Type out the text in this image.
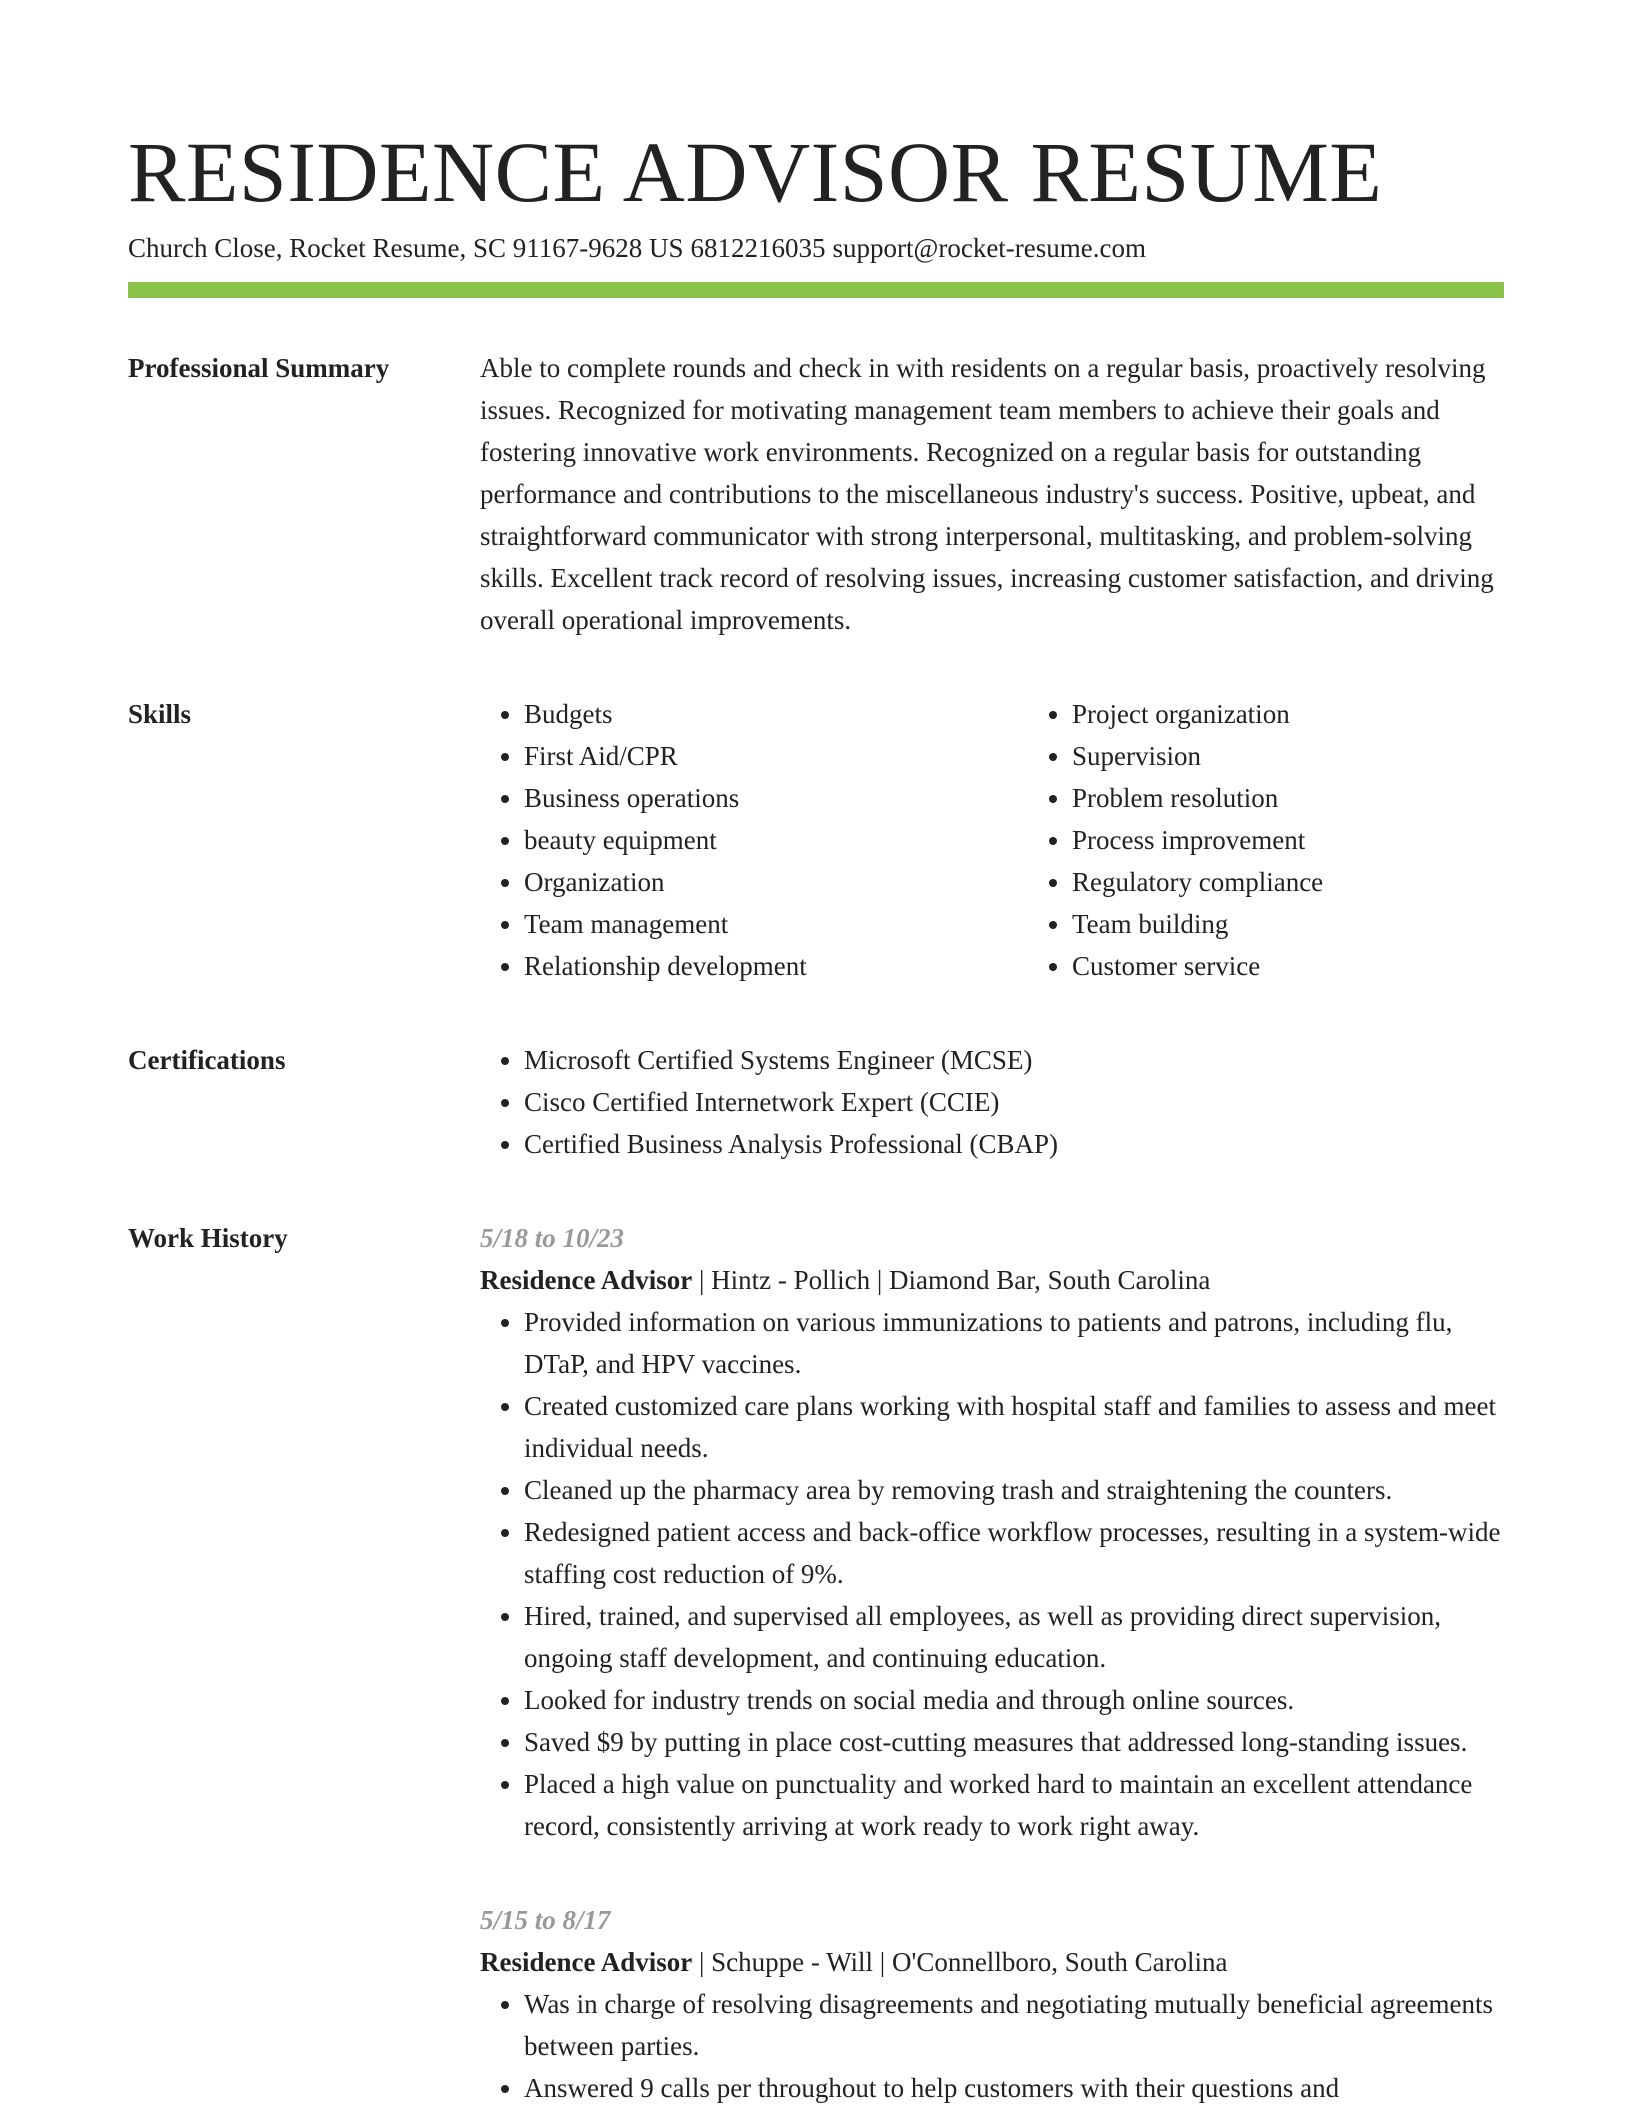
RESIDENCE ADVISOR RESUME
Church Close, Rocket Resume, SC 91167-9628 US 6812216035 support@rocket-resume.com
Professional Summary	Able to complete rounds and check in with residents on a regular basis, proactively resolving issues. Recognized for motivating management team members to achieve their goals and fostering innovative work environments. Recognized on a regular basis for outstanding performance and contributions to the miscellaneous industry's success. Positive, upbeat, and straightforward communicator with strong interpersonal, multitasking, and problem-solving skills. Excellent track record of resolving issues, increasing customer satisfaction, and driving overall operational improvements.

Skills	• Budgets
• First Aid/CPR
• Business operations
• beauty equipment
• Organization
• Team management
• Relationship development
• Project organization
• Supervision
• Problem resolution
• Process improvement
• Regulatory compliance
• Team building
• Customer service
Certifications	• Microsoft Certified Systems Engineer (MCSE)
• Cisco Certified Internetwork Expert (CCIE)
• Certified Business Analysis Professional (CBAP)
Work History	5/18 to 10/23
Residence Advisor | Hintz - Pollich | Diamond Bar, South Carolina
• Provided information on various immunizations to patients and patrons, including flu, DTaP, and HPV vaccines.
• Created customized care plans working with hospital staff and families to assess and meet individual needs.
• Cleaned up the pharmacy area by removing trash and straightening the counters.
• Redesigned patient access and back-office workflow processes, resulting in a system-wide staffing cost reduction of 9%.
• Hired, trained, and supervised all employees, as well as providing direct supervision, ongoing staff development, and continuing education.
• Looked for industry trends on social media and through online sources.
• Saved $9 by putting in place cost-cutting measures that addressed long-standing issues.
• Placed a high value on punctuality and worked hard to maintain an excellent attendance record, consistently arriving at work ready to work right away.
5/15 to 8/17
Residence Advisor | Schuppe - Will | O'Connellboro, South Carolina
• Was in charge of resolving disagreements and negotiating mutually beneficial agreements between parties.
• Answered 9 calls per throughout to help customers with their questions and
